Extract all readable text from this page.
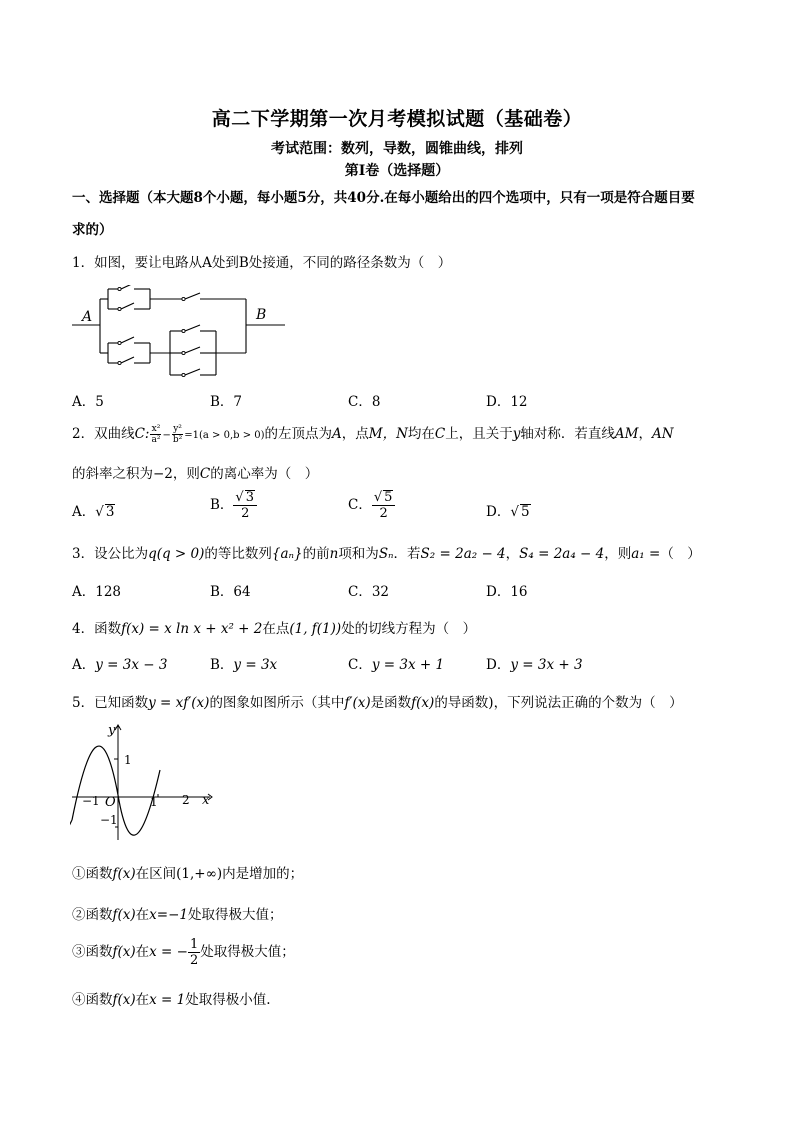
高二下学期第一次月考模拟试题（基础卷）
考试范围：数列，导数，圆锥曲线，排列
第Ⅰ卷（选择题）
一、选择题（本大题8个小题，每小题5分，共40分.在每小题给出的四个选项中，只有一项是符合题目要
求的）
1．如图，要让电路从A处到B处接通，不同的路径条数为（　）
A	B
A．5	B．7	C．8	D．12
2．双曲线C: $\frac{\text{x²}}{\text{a²}} - \frac{\text{y²}}{\text{b²}} =1(a > 0,b > 0)$的左顶点为A，点M，N均在C上，且关于y轴对称．若直线AM，AN
的斜率之积为−2，则C的离心率为（　）
A． √ 3	B． √ $\frac{3}{2}$	C． √ $\frac{5}{2}$	D． √ 5
3．设公比为q(q > 0)的等比数列{aₙ}的前n项和为Sₙ．若S₂ = 2a₂ − 4，S₄ = 2a₄ − 4，则a₁ =（　）
A．128	B．64	C．32	D．16
4．函数f(x) = x ln x + x² + 2在点(1, f(1))处的切线方程为（　）
A．y = 3x − 3	B．y = 3x	C．y = 3x + 1	D．y = 3x + 3
5．已知函数y = xf′(x)的图象如图所示（其中f′(x)是函数f(x)的导函数)，下列说法正确的个数为（　）
y
1
−1 O	1 2 x
−1
①函数f(x)在区间(1,+∞)内是增加的；
②函数f(x)在x=−1处取得极大值；
③函数f(x)在x = − $\frac{1}{2}$ 处取得极大值；
④函数f(x)在x = 1处取得极小值.
